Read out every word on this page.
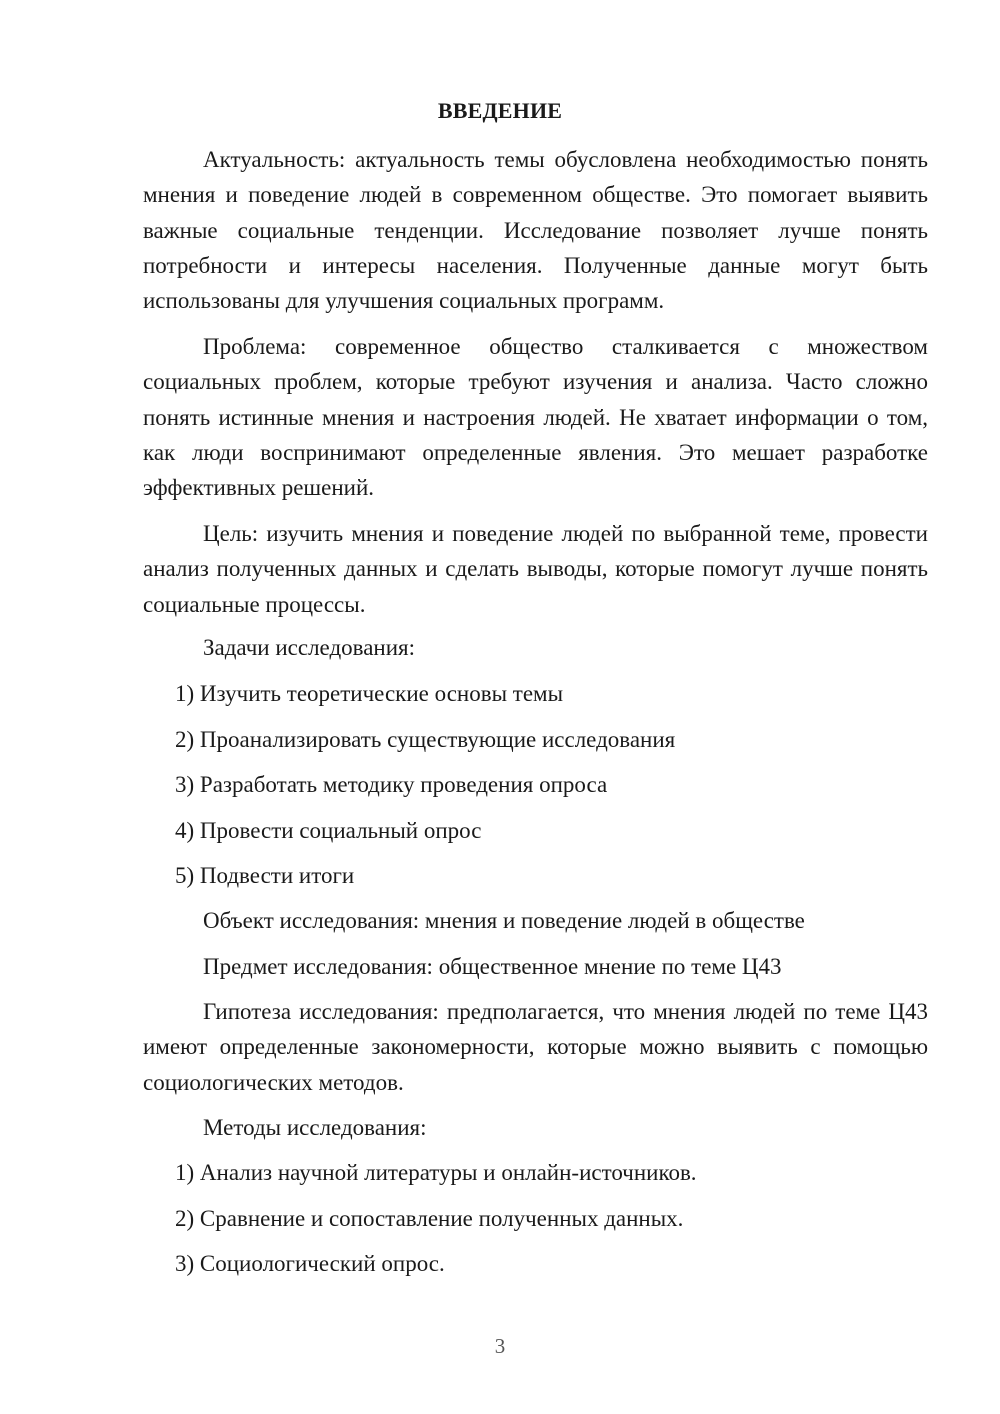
ВВЕДЕНИЕ

Актуальность: актуальность темы обусловлена необходимостью понять мнения и поведение людей в современном обществе. Это помогает выявить важные социальные тенденции. Исследование позволяет лучше понять потребности и интересы населения. Полученные данные могут быть использованы для улучшения социальных программ.

Проблема: современное общество сталкивается с множеством социальных проблем, которые требуют изучения и анализа. Часто сложно понять истинные мнения и настроения людей. Не хватает информации о том, как люди воспринимают определенные явления. Это мешает разработке эффективных решений.

Цель: изучить мнения и поведение людей по выбранной теме, провести анализ полученных данных и сделать выводы, которые помогут лучше понять социальные процессы.

Задачи исследования:

1) Изучить теоретические основы темы

2) Проанализировать существующие исследования

3) Разработать методику проведения опроса

4) Провести социальный опрос

5) Подвести итоги

Объект исследования: мнения и поведение людей в обществе

Предмет исследования: общественное мнение по теме Ц43

Гипотеза исследования: предполагается, что мнения людей по теме Ц43 имеют определенные закономерности, которые можно выявить с помощью социологических методов.

Методы исследования:

1) Анализ научной литературы и онлайн-источников.

2) Сравнение и сопоставление полученных данных.

3) Социологический опрос.

3
